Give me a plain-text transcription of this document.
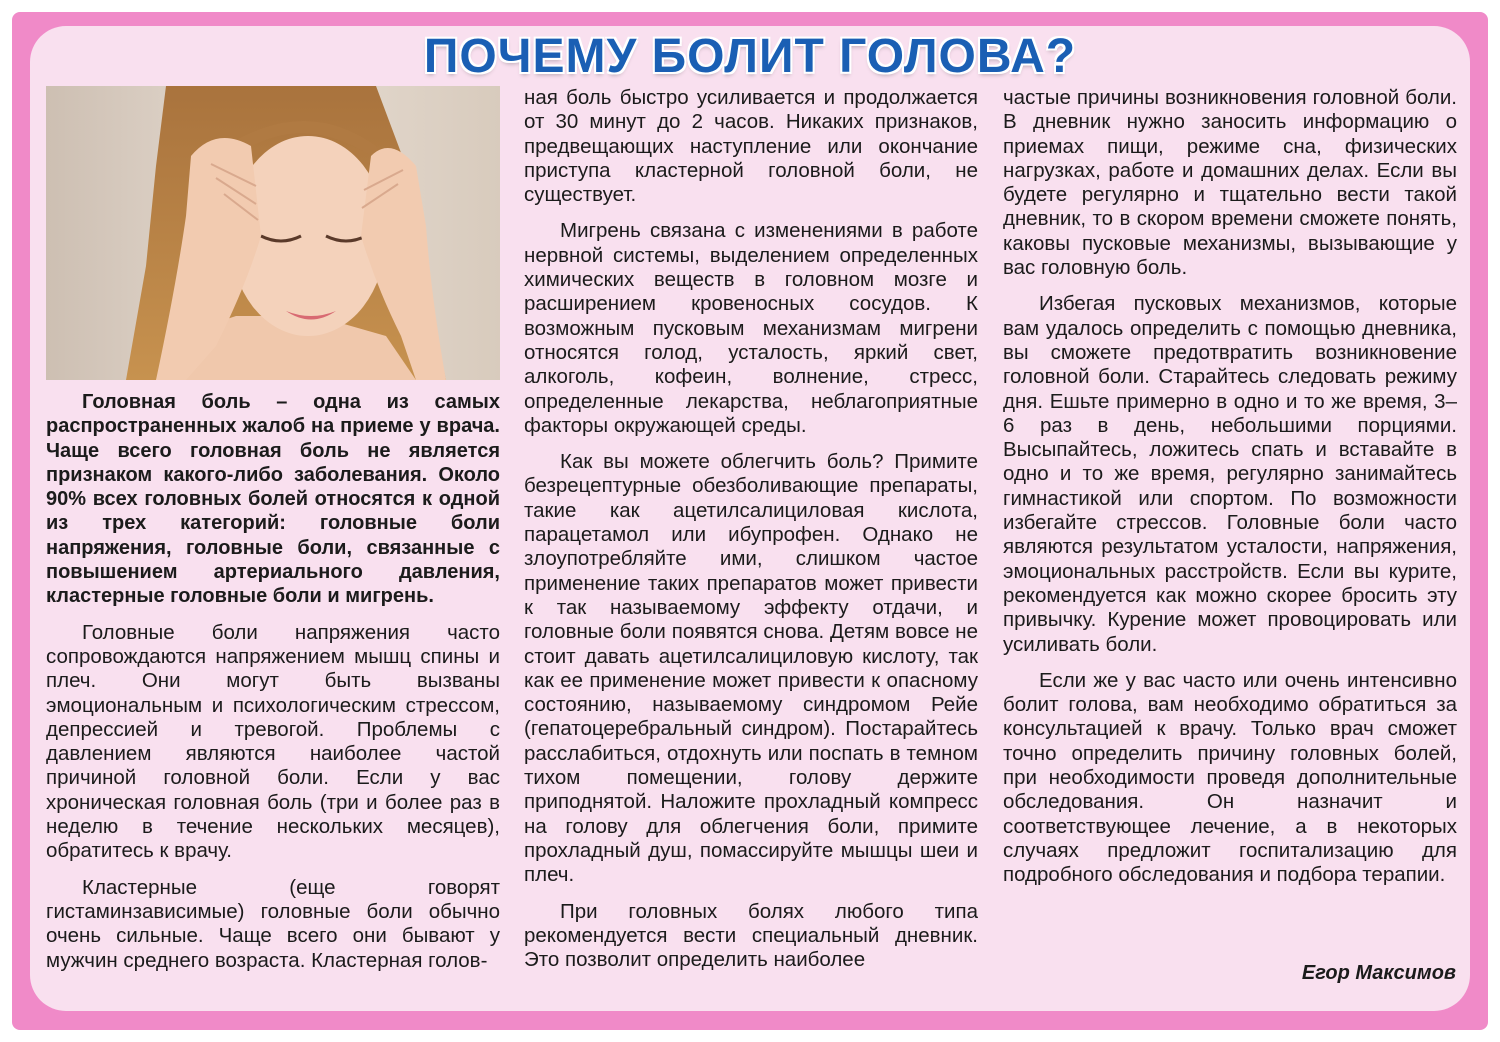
ПОЧЕМУ БОЛИТ ГОЛОВА?

Головная боль – одна из самых распространенных жалоб на приеме у врача. Чаще всего головная боль не является признаком какого-либо заболевания. Около 90% всех головных болей относятся к одной из трех категорий: головные боли напряжения, головные боли, связанные с повышением артериального давления, кластерные головные боли и мигрень.

Головные боли напряжения часто сопровождаются напряжением мышц спины и плеч. Они могут быть вызваны эмоциональным и психологическим стрессом, депрессией и тревогой. Проблемы с давлением являются наиболее частой причиной головной боли. Если у вас хроническая головная боль (три и более раз в неделю в течение нескольких месяцев), обратитесь к врачу.

Кластерные (еще говорят гистаминзависимые) головные боли обычно очень сильные. Чаще всего они бывают у мужчин среднего возраста. Кластерная голов-

ная боль быстро усиливается и продолжается от 30 минут до 2 часов. Никаких признаков, предвещающих наступление или окончание приступа кластерной головной боли, не существует.

Мигрень связана с изменениями в работе нервной системы, выделением определенных химических веществ в головном мозге и расширением кровеносных сосудов. К возможным пусковым механизмам мигрени относятся голод, усталость, яркий свет, алкоголь, кофеин, волнение, стресс, определенные лекарства, неблагоприятные факторы окружающей среды.

Как вы можете облегчить боль? Примите безрецептурные обезболивающие препараты, такие как ацетилсалициловая кислота, парацетамол или ибупрофен. Однако не злоупотребляйте ими, слишком частое применение таких препаратов может привести к так называемому эффекту отдачи, и головные боли появятся снова. Детям вовсе не стоит давать ацетилсалициловую кислоту, так как ее применение может привести к опасному состоянию, называемому синдромом Рейе (гепатоцеребральный синдром). Постарайтесь расслабиться, отдохнуть или поспать в темном тихом помещении, голову держите приподнятой. Наложите прохладный компресс на голову для облегчения боли, примите прохладный душ, помассируйте мышцы шеи и плеч.

При головных болях любого типа рекомендуется вести специальный дневник. Это позволит определить наиболее

частые причины возникновения головной боли. В дневник нужно заносить информацию о приемах пищи, режиме сна, физических нагрузках, работе и домашних делах. Если вы будете регулярно и тщательно вести такой дневник, то в скором времени сможете понять, каковы пусковые механизмы, вызывающие у вас головную боль.

Избегая пусковых механизмов, которые вам удалось определить с помощью дневника, вы сможете предотвратить возникновение головной боли. Старайтесь следовать режиму дня. Ешьте примерно в одно и то же время, 3–6 раз в день, небольшими порциями. Высыпайтесь, ложитесь спать и вставайте в одно и то же время, регулярно занимайтесь гимнастикой или спортом. По возможности избегайте стрессов. Головные боли часто являются результатом усталости, напряжения, эмоциональных расстройств. Если вы курите, рекомендуется как можно скорее бросить эту привычку. Курение может провоцировать или усиливать боли.

Если же у вас часто или очень интенсивно болит голова, вам необходимо обратиться за консультацией к врачу. Только врач сможет точно определить причину головных болей, при необходимости проведя дополнительные обследования. Он назначит и соответствующее лечение, а в некоторых случаях предложит госпитализацию для подробного обследования и подбора терапии.

Егор Максимов
